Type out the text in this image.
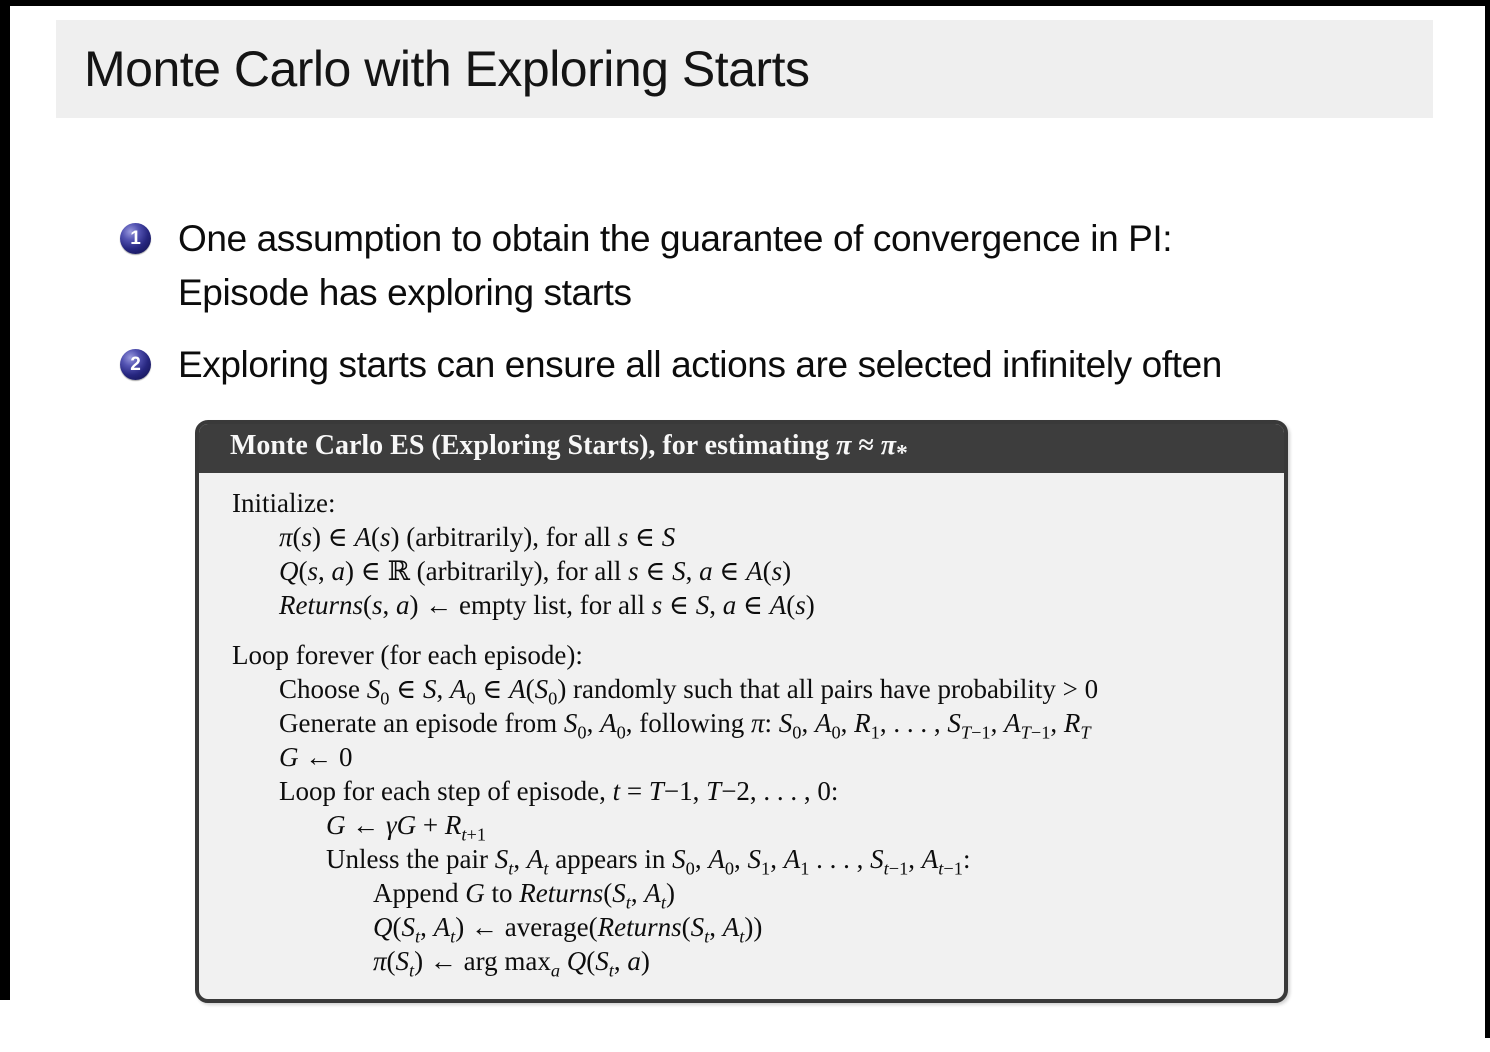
Monte Carlo with Exploring Starts
1 One assumption to obtain the guarantee of convergence in PI:
Episode has exploring starts
2 Exploring starts can ensure all actions are selected infinitely often
Monte Carlo ES (Exploring Starts), for estimating $\pi \approx \pi_*$
Initialize:
π(s) ∈ A(s) (arbitrarily), for all s ∈ S
Q(s, a) ∈ ℝ (arbitrarily), for all s ∈ S, a ∈ A(s)
Returns(s, a) ← empty list, for all s ∈ S, a ∈ A(s)
Loop forever (for each episode):
Choose $S_0$ ∈ S, $A_0$ ∈ $A(S_0)$ randomly such that all pairs have probability > 0
Generate an episode from $S_0$, $A_0$, following π: $S_0$, $A_0$, $R_1$, . . . , $S_{T-1}$, $A_{T-1}$, $R_T$
G ← 0
Loop for each step of episode, t = T−1, T−2, . . . , 0:
G ← $\gamma G + R_{t+1}$
Unless the pair $S_t$, $A_t$ appears in $S_0$, $A_0$, $S_1$, $A_1$ . . . , $S_{t-1}$, $A_{t-1}$:
Append G to $Returns(S_t$, $A_t$)
$Q(S_t$, $A_t$) ← $average(Returns(S_t$, $A_t$))
$\pi(S_t)$ ← arg $\max_a Q(S_t$, a)
